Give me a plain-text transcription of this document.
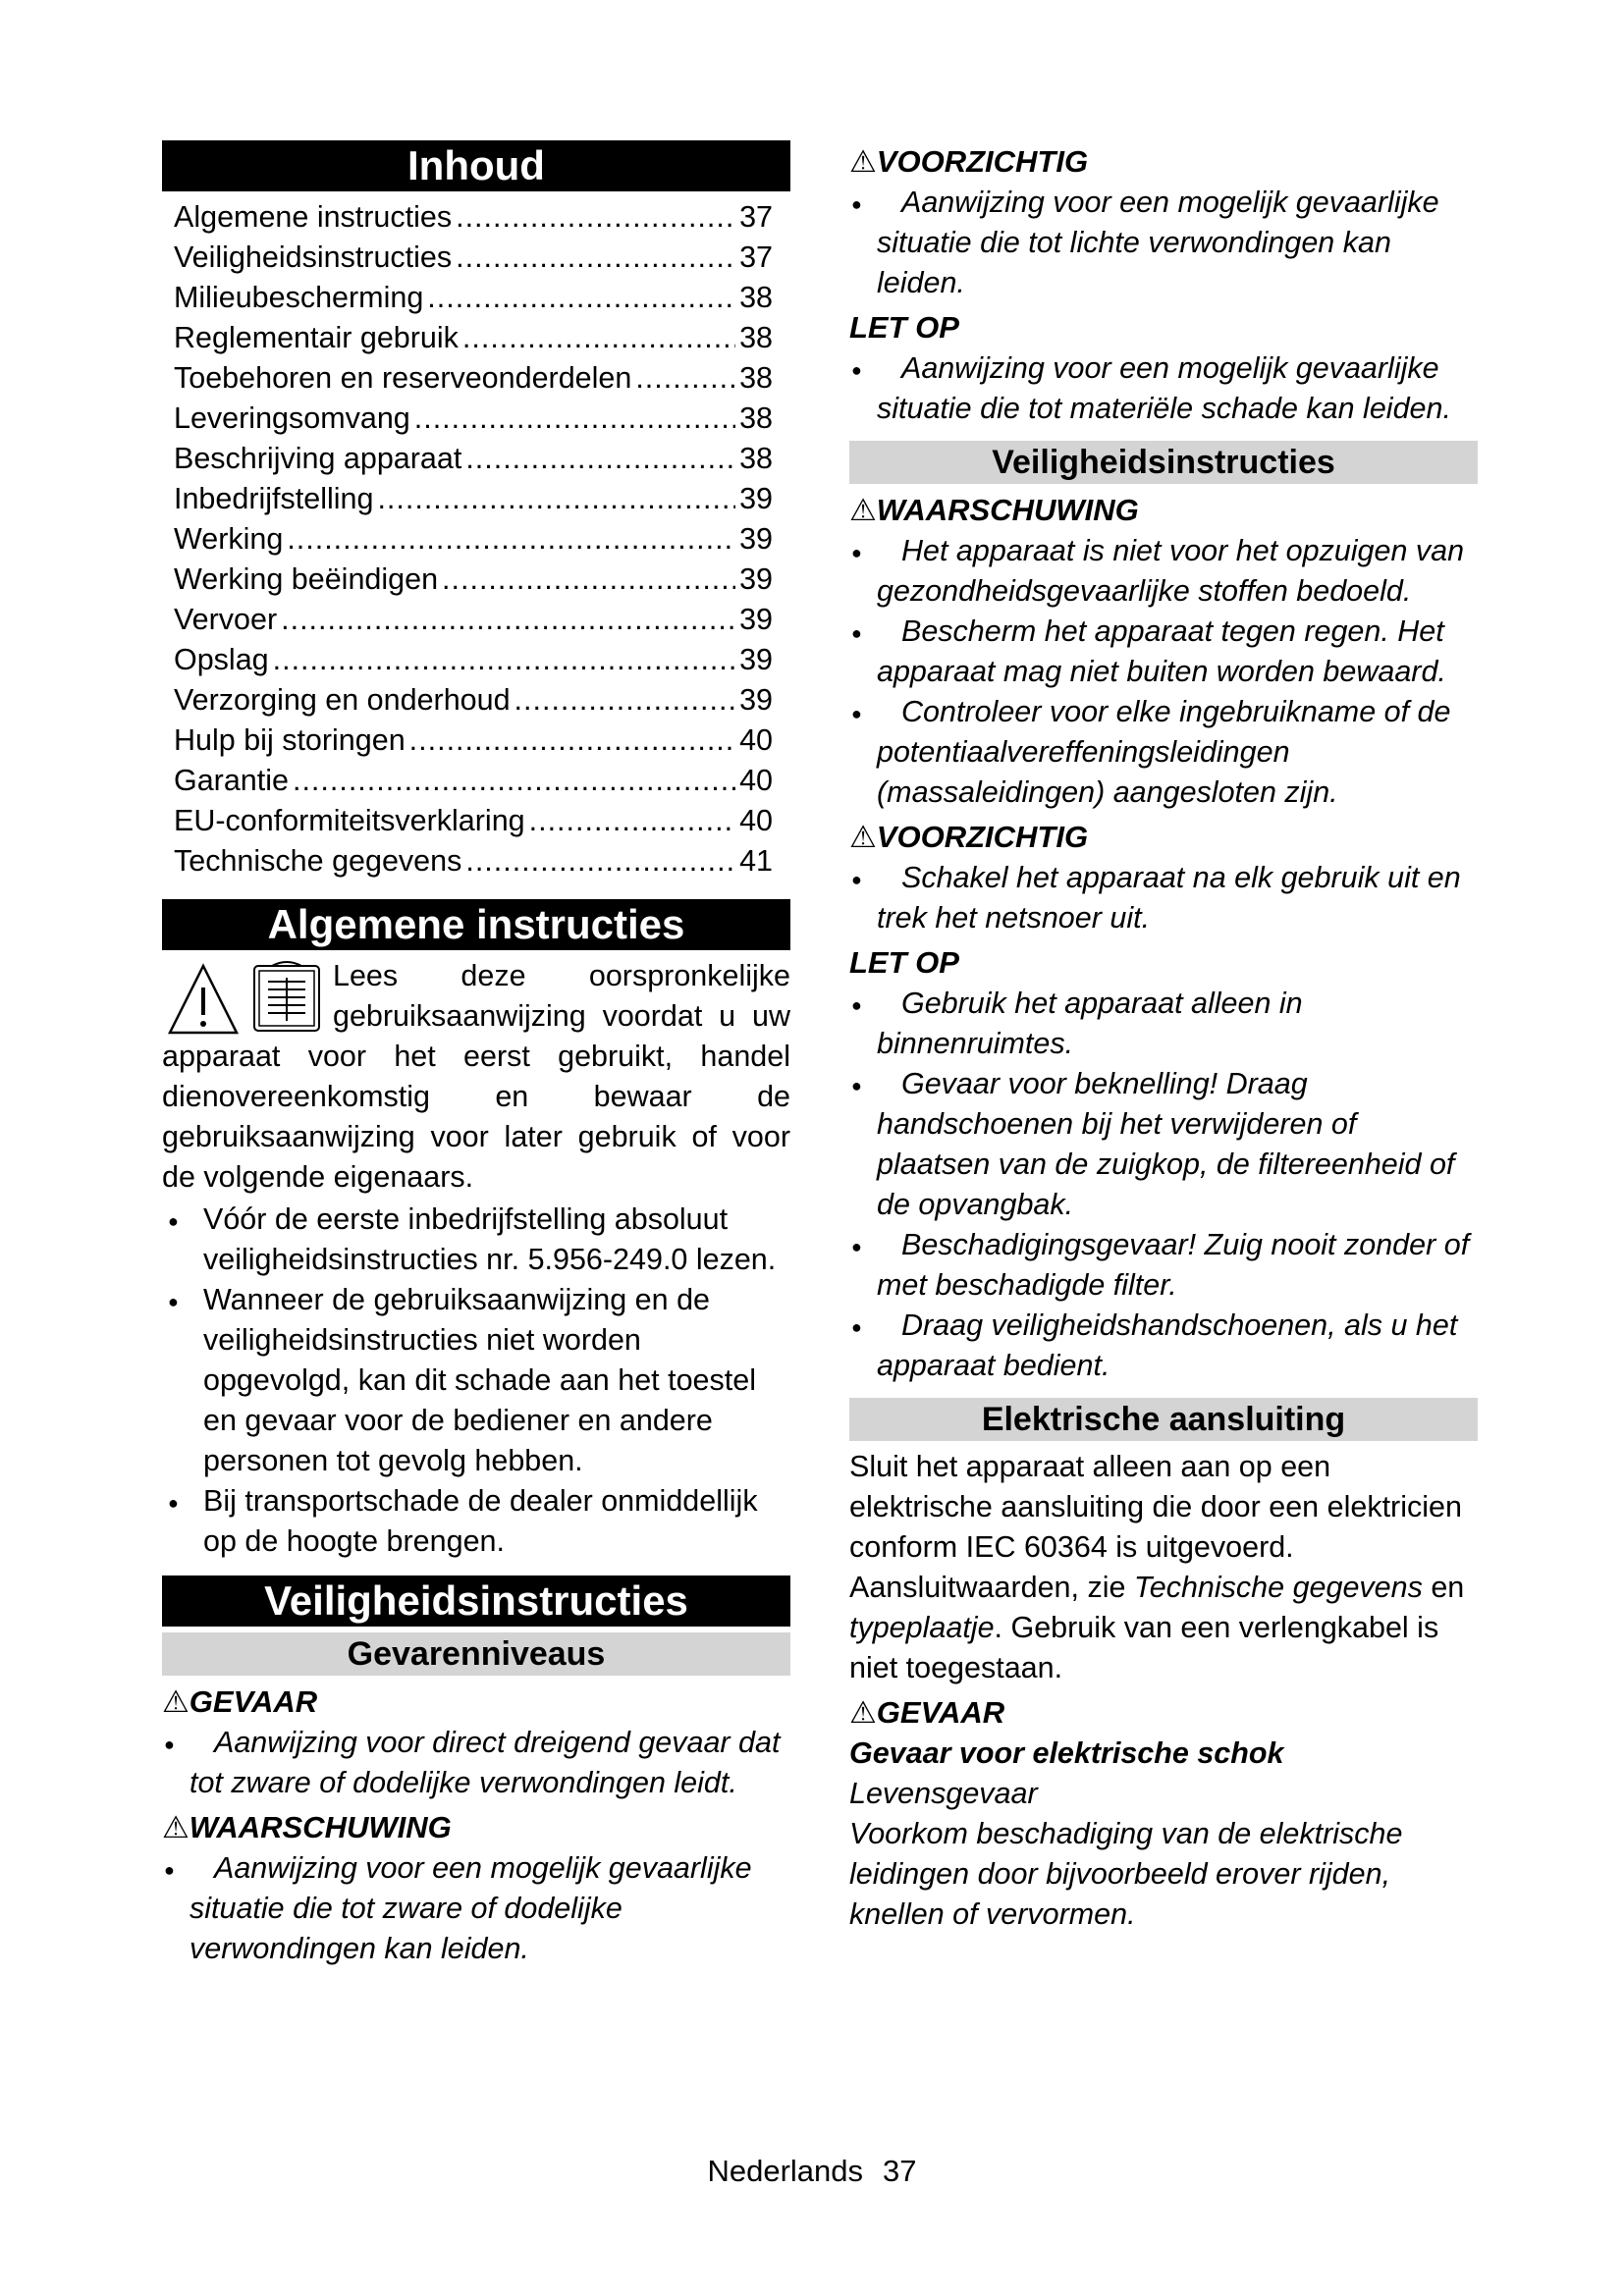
Inhoud
Algemene instructies .....	37
Veiligheidsinstructies .....	37
Milieubescherming .....	38
Reglementair gebruik .....	38
Toebehoren en reserveonderdelen .....	38
Leveringsomvang .....	38
Beschrijving apparaat .....	38
Inbedrijfstelling .....	39
Werking .....	39
Werking beëindigen .....	39
Vervoer .....	39
Opslag .....	39
Verzorging en onderhoud .....	39
Hulp bij storingen .....	40
Garantie .....	40
EU-conformiteitsverklaring .....	40
Technische gegevens .....	41
Algemene instructies
Lees deze oorspronkelijke gebruiksaanwijzing voordat u uw apparaat voor het eerst gebruikt, handel dienovereenkomstig en bewaar de gebruiksaanwijzing voor later gebruik of voor de volgende eigenaars.
● Vóór de eerste inbedrijfstelling absoluut veiligheidsinstructies nr. 5.956-249.0 lezen.
● Wanneer de gebruiksaanwijzing en de veiligheidsinstructies niet worden opgevolgd, kan dit schade aan het toestel en gevaar voor de bediener en andere personen tot gevolg hebben.
● Bij transportschade de dealer onmiddellijk op de hoogte brengen.
Veiligheidsinstructies
Gevarenniveaus
⚠GEVAAR
●	Aanwijzing voor direct dreigend gevaar dat tot zware of dodelijke verwondingen leidt.
⚠WAARSCHUWING
●	Aanwijzing voor een mogelijk gevaarlijke situatie die tot zware of dodelijke verwondingen kan leiden.
⚠VOORZICHTIG
●	Aanwijzing voor een mogelijk gevaarlijke situatie die tot lichte verwondingen kan leiden.
LET OP
●	Aanwijzing voor een mogelijk gevaarlijke situatie die tot materiële schade kan leiden.
Veiligheidsinstructies
⚠WAARSCHUWING
●	Het apparaat is niet voor het opzuigen van gezondheidsgevaarlijke stoffen bedoeld.
●	Bescherm het apparaat tegen regen. Het apparaat mag niet buiten worden bewaard.
●	Controleer voor elke ingebruikname of de potentiaalvereffeningsleidingen (massaleidingen) aangesloten zijn.
⚠VOORZICHTIG
●	Schakel het apparaat na elk gebruik uit en trek het netsnoer uit.
LET OP
●	Gebruik het apparaat alleen in binnenruimtes.
●	Gevaar voor beknelling! Draag handschoenen bij het verwijderen of plaatsen van de zuigkop, de filtereenheid of de opvangbak.
●	Beschadigingsgevaar! Zuig nooit zonder of met beschadigde filter.
●	Draag veiligheidshandschoenen, als u het apparaat bedient.
Elektrische aansluiting
Sluit het apparaat alleen aan op een elektrische aansluiting die door een elektricien conform IEC 60364 is uitgevoerd. Aansluitwaarden, zie Technische gegevens en typeplaatje. Gebruik van een verlengkabel is niet toegestaan.
⚠GEVAAR
Gevaar voor elektrische schok
Levensgevaar
Voorkom beschadiging van de elektrische leidingen door bijvoorbeeld erover rijden, knellen of vervormen.
Nederlands 37
